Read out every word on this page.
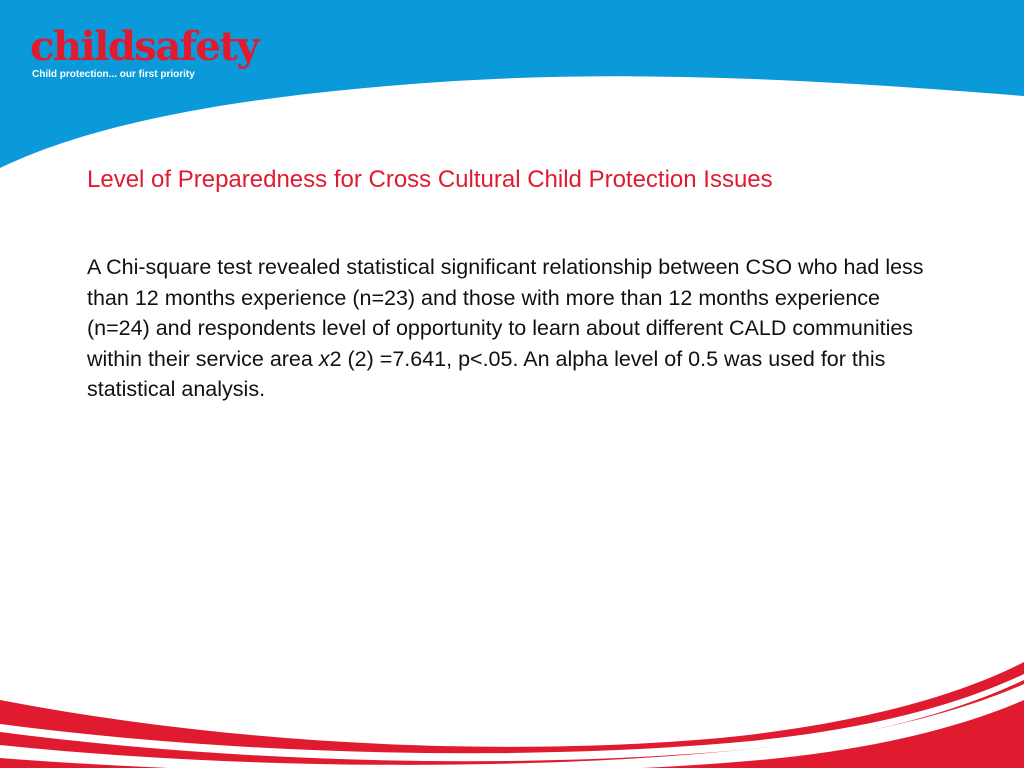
childsafety
Child protection... our first priority
Level of Preparedness for Cross Cultural Child Protection Issues

A Chi-square test revealed statistical significant relationship between CSO who had less than 12 months experience (n=23) and those with more than 12 months experience (n=24) and respondents level of opportunity to learn about different CALD communities within their service area x2 (2) =7.641, p<.05. An alpha level of 0.5 was used for this statistical analysis.
